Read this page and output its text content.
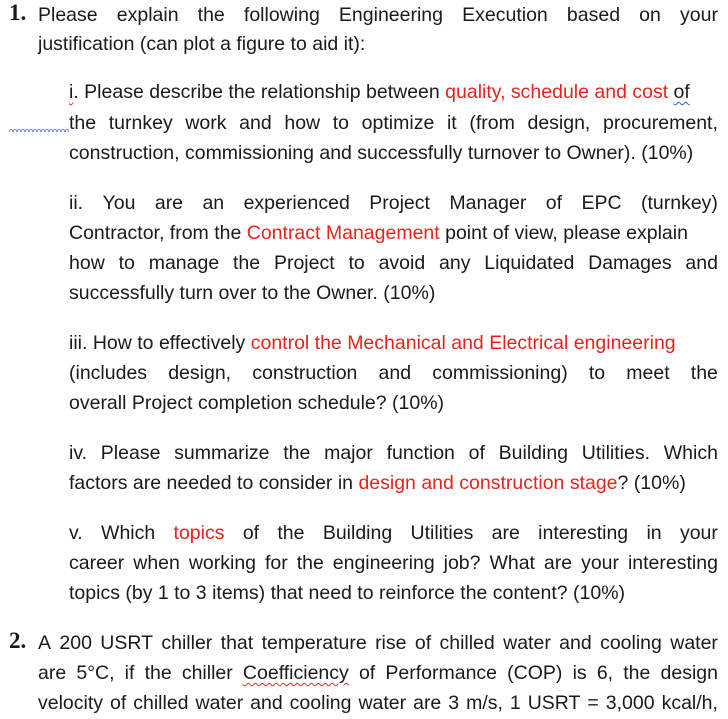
1. Please explain the following Engineering Execution based on your
justification (can plot a figure to aid it):
i. Please describe the relationship between quality, schedule and cost of
the turnkey work and how to optimize it (from design, procurement,
construction, commissioning and successfully turnover to Owner). (10%)
ii. You are an experienced Project Manager of EPC (turnkey)
Contractor, from the Contract Management point of view, please explain
how to manage the Project to avoid any Liquidated Damages and
successfully turn over to the Owner. (10%)
iii. How to effectively control the Mechanical and Electrical engineering
(includes design, construction and commissioning) to meet the
overall Project completion schedule? (10%)
iv. Please summarize the major function of Building Utilities. Which
factors are needed to consider in design and construction stage? (10%)
v. Which topics of the Building Utilities are interesting in your
career when working for the engineering job? What are your interesting
topics (by 1 to 3 items) that need to reinforce the content? (10%)
2. A 200 USRT chiller that temperature rise of chilled water and cooling water
are 5°C, if the chiller Coefficiency of Performance (COP) is 6, the design
velocity of chilled water and cooling water are 3 m/s, 1 USRT = 3,000 kcal/h,
